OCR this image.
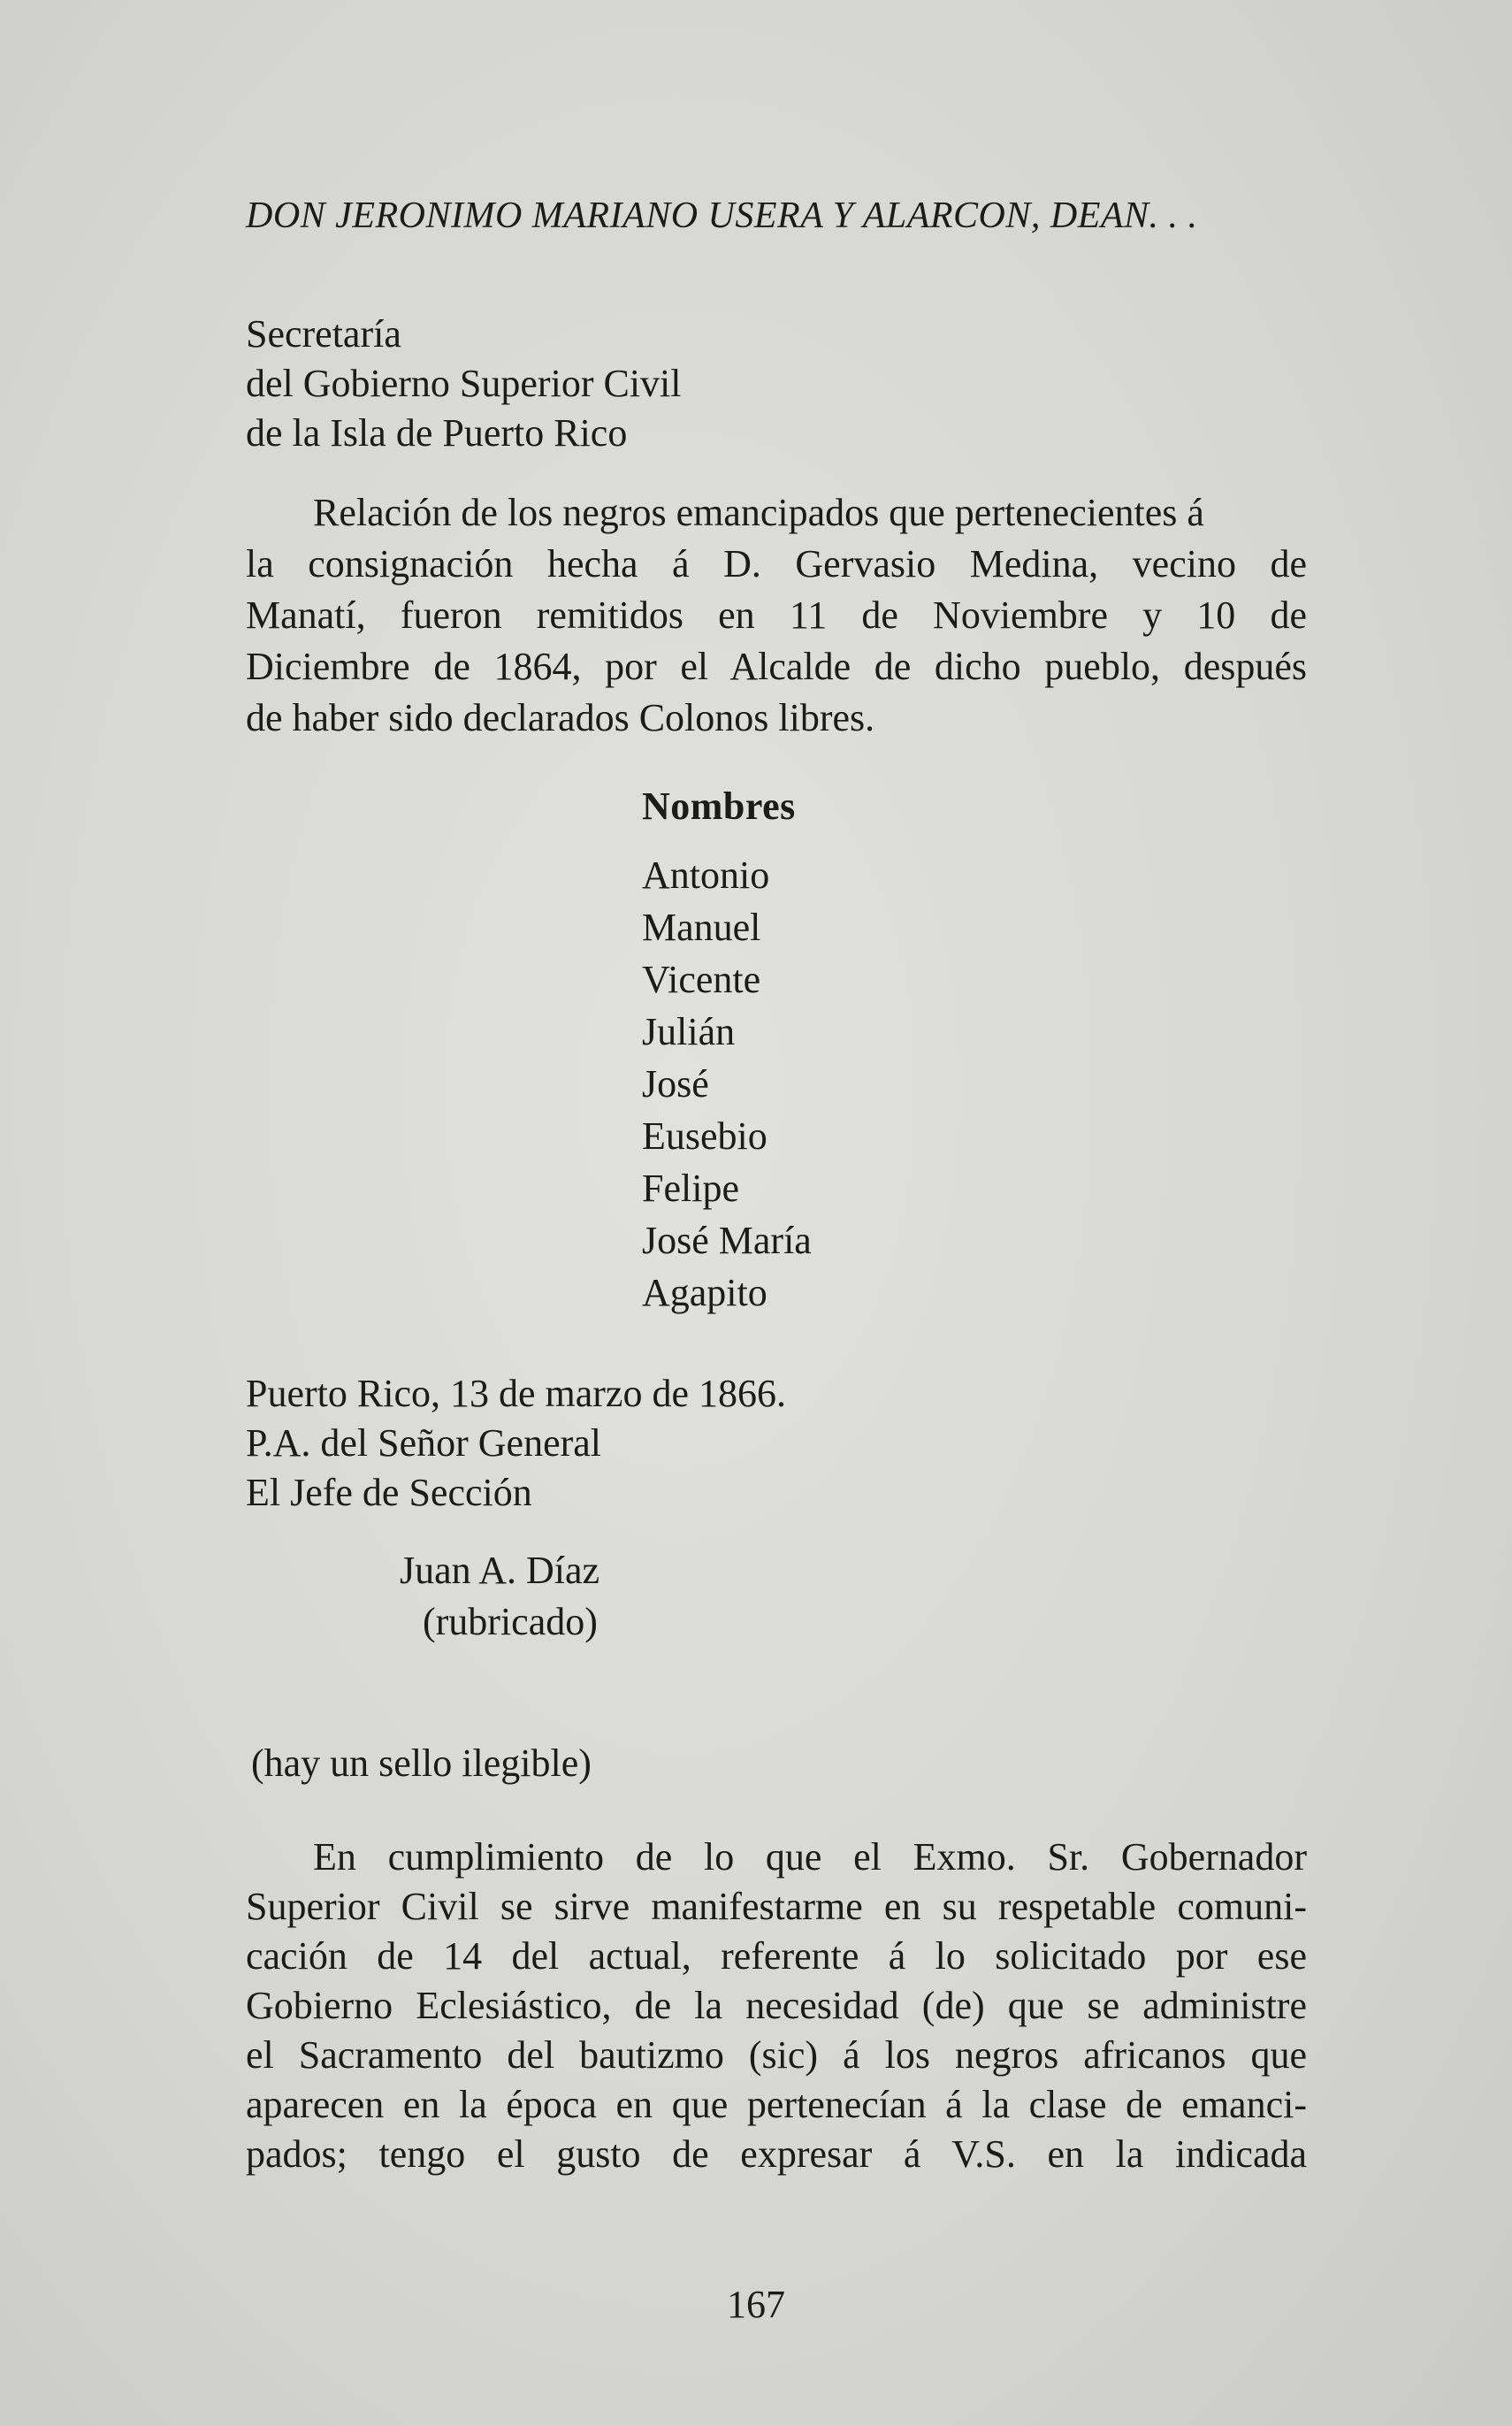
DON JERONIMO MARIANO USERA Y ALARCON, DEAN. . .
Secretaría
del Gobierno Superior Civil
de la Isla de Puerto Rico
Relación de los negros emancipados que pertenecientes á
la consignación hecha á D. Gervasio Medina, vecino de
Manatí, fueron remitidos en 11 de Noviembre y 10 de
Diciembre de 1864, por el Alcalde de dicho pueblo, después
de haber sido declarados Colonos libres.
Nombres
Antonio
Manuel
Vicente
Julián
José
Eusebio
Felipe
José María
Agapito
Puerto Rico, 13 de marzo de 1866.
P.A. del Señor General
El Jefe de Sección
Juan A. Díaz
(rubricado)
(hay un sello ilegible)
En cumplimiento de lo que el Exmo. Sr. Gobernador
Superior Civil se sirve manifestarme en su respetable comuni-
cación de 14 del actual, referente á lo solicitado por ese
Gobierno Eclesiástico, de la necesidad (de) que se administre
el Sacramento del bautizmo (sic) á los negros africanos que
aparecen en la época en que pertenecían á la clase de emanci-
pados; tengo el gusto de expresar á V.S. en la indicada
167
